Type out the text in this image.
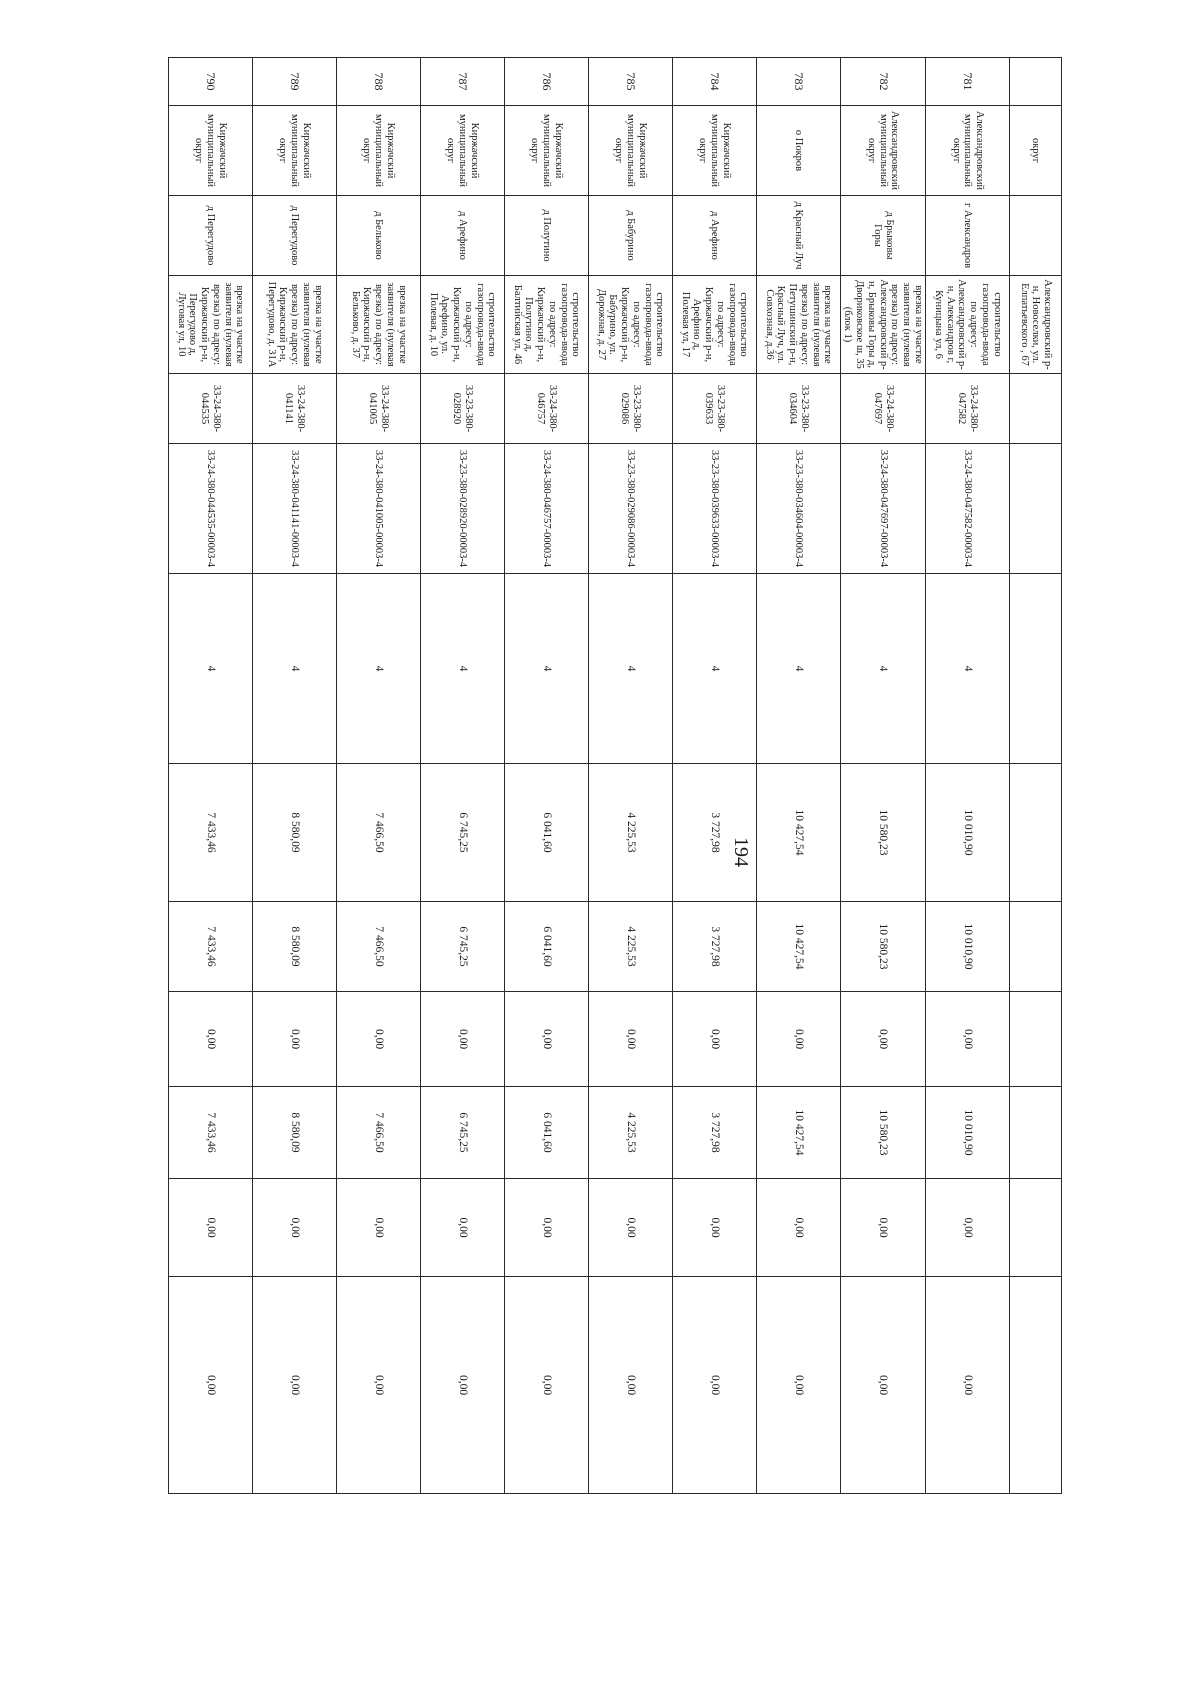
194
	округ		Александровский р-н, Новоселки, ул. Елпатьевского , 67									
781	Александровский муниципальный округ	г Александров	строительство газопровода-ввода по адресу: Александровский р-н, Александров г, Куницына ул, 6	33-24-380-047582	33-24-380-047582-00003-4	4	10 010,90	10 010,90	0,00	10 010,90	0,00	0,00
782	Александровский муниципальный округ	д Брыковы Горы	врезка на участке заявителя (нулевая врезка) по адресу: Александровский р-н, Брыковы Горы д, Двориковское ш, 35 (блок 1)	33-24-380-047697	33-24-380-047697-00003-4	4	10 580,23	10 580,23	0,00	10 580,23	0,00	0,00
783	о Покров	д Красный Луч	врезка на участке заявителя (нулевая врезка) по адресу: Петушинский р-н, Красный Луч, ул. Совхозная, д.36	33-23-380-034604	33-23-380-034604-00003-4	4	10 427,54	10 427,54	0,00	10 427,54	0,00	0,00
784	Киржачский муниципальный округ	д Арефино	строительство газопровода-ввода по адресу: Киржачский р-н, Арефино д, Полевая ул, 17	33-23-380-039633	33-23-380-039633-00003-4	4	3 727,98	3 727,98	0,00	3 727,98	0,00	0,00
785	Киржачский муниципальный округ	д Бабурино	строительство газопровода-ввода по адресу: Киржачский р-н, Бабурино, ул. Дорожная, д. 27	33-23-380-029086	33-23-380-029086-00003-4	4	4 225,53	4 225,53	0,00	4 225,53	0,00	0,00
786	Киржачский муниципальный округ	д Полутино	строительство газопровода-ввода по адресу: Киржачский р-н, Полутино д, Балтийская ул, 46	33-24-380-046757	33-24-380-046757-00003-4	4	6 041,60	6 041,60	0,00	6 041,60	0,00	0,00
787	Киржачский муниципальный округ	д Арефино	строительство газопровода-ввода по адресу: Киржачский р-н, Арефино, ул. Полевая, д. 10	33-23-380-028920	33-23-380-028920-00003-4	4	6 745,25	6 745,25	0,00	6 745,25	0,00	0,00
788	Киржачский муниципальный округ	д Бельково	врезка на участке заявителя (нулевая врезка) по адресу: Киржачский р-н, Бельково, д. 37	33-24-380-041005	33-24-380-041005-00003-4	4	7 466,50	7 466,50	0,00	7 466,50	0,00	0,00
789	Киржачский муниципальный округ	д Перегудово	врезка на участке заявителя (нулевая врезка) по адресу: Киржачский р-н, Перегудово, д. 31А	33-24-380-041141	33-24-380-041141-00003-4	4	8 580,09	8 580,09	0,00	8 580,09	0,00	0,00
790	Киржачский муниципальный округ	д Перегудово	врезка на участке заявителя (нулевая врезка) по адресу: Киржачский р-н, Перегудово д, Луговая ул, 10	33-24-380-044535	33-24-380-044535-00003-4	4	7 433,46	7 433,46	0,00	7 433,46	0,00	0,00
